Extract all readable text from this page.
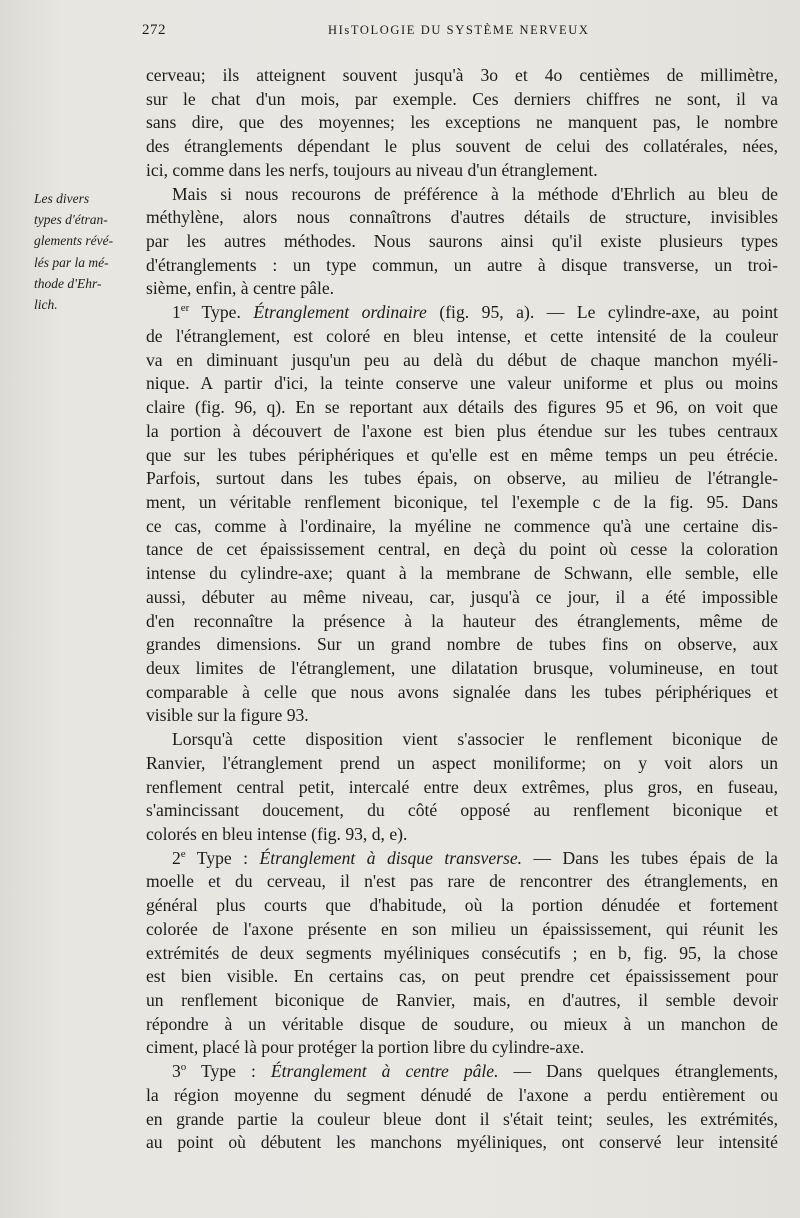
272	HIsTOLOGIE DU SYSTÈME NERVEUX
Les divers
types d'étran-
glements révé-
lés par la mé-
thode d'Ehr-
lich.

cerveau; ils atteignent souvent jusqu'à 3o et 4o centièmes de millimètre,
sur le chat d'un mois, par exemple. Ces derniers chiffres ne sont, il va
sans dire, que des moyennes; les exceptions ne manquent pas, le nombre
des étranglements dépendant le plus souvent de celui des collatérales, nées,
ici, comme dans les nerfs, toujours au niveau d'un étranglement.

Mais si nous recourons de préférence à la méthode d'Ehrlich au bleu de
méthylène, alors nous connaîtrons d'autres détails de structure, invisibles
par les autres méthodes. Nous saurons ainsi qu'il existe plusieurs types
d'étranglements : un type commun, un autre à disque transverse, un troi-
sième, enfin, à centre pâle.

1er Type. Étranglement ordinaire (fig. 95, a). — Le cylindre-axe, au point
de l'étranglement, est coloré en bleu intense, et cette intensité de la couleur
va en diminuant jusqu'un peu au delà du début de chaque manchon myéli-
nique. A partir d'ici, la teinte conserve une valeur uniforme et plus ou moins
claire (fig. 96, q). En se reportant aux détails des figures 95 et 96, on voit que
la portion à découvert de l'axone est bien plus étendue sur les tubes centraux
que sur les tubes périphériques et qu'elle est en même temps un peu étrécie.
Parfois, surtout dans les tubes épais, on observe, au milieu de l'étrangle-
ment, un véritable renflement biconique, tel l'exemple c de la fig. 95. Dans
ce cas, comme à l'ordinaire, la myéline ne commence qu'à une certaine dis-
tance de cet épaississement central, en deçà du point où cesse la coloration
intense du cylindre-axe; quant à la membrane de Schwann, elle semble, elle
aussi, débuter au même niveau, car, jusqu'à ce jour, il a été impossible
d'en reconnaître la présence à la hauteur des étranglements, même de
grandes dimensions. Sur un grand nombre de tubes fins on observe, aux
deux limites de l'étranglement, une dilatation brusque, volumineuse, en tout
comparable à celle que nous avons signalée dans les tubes périphériques et
visible sur la figure 93.

Lorsqu'à cette disposition vient s'associer le renflement biconique de
Ranvier, l'étranglement prend un aspect moniliforme; on y voit alors un
renflement central petit, intercalé entre deux extrêmes, plus gros, en fuseau,
s'amincissant doucement, du côté opposé au renflement biconique et
colorés en bleu intense (fig. 93, d, e).

2e Type : Étranglement à disque transverse. — Dans les tubes épais de la
moelle et du cerveau, il n'est pas rare de rencontrer des étranglements, en
général plus courts que d'habitude, où la portion dénudée et fortement
colorée de l'axone présente en son milieu un épaississement, qui réunit les
extrémités de deux segments myéliniques consécutifs ; en b, fig. 95, la chose
est bien visible. En certains cas, on peut prendre cet épaississement pour
un renflement biconique de Ranvier, mais, en d'autres, il semble devoir
répondre à un véritable disque de soudure, ou mieux à un manchon de
ciment, placé là pour protéger la portion libre du cylindre-axe.

3$^o$ Type : Étranglement à centre pâle. — Dans quelques étranglements,
la région moyenne du segment dénudé de l'axone a perdu entièrement ou
en grande partie la couleur bleue dont il s'était teint; seules, les extrémités,
au point où débutent les manchons myéliniques, ont conservé leur intensité
